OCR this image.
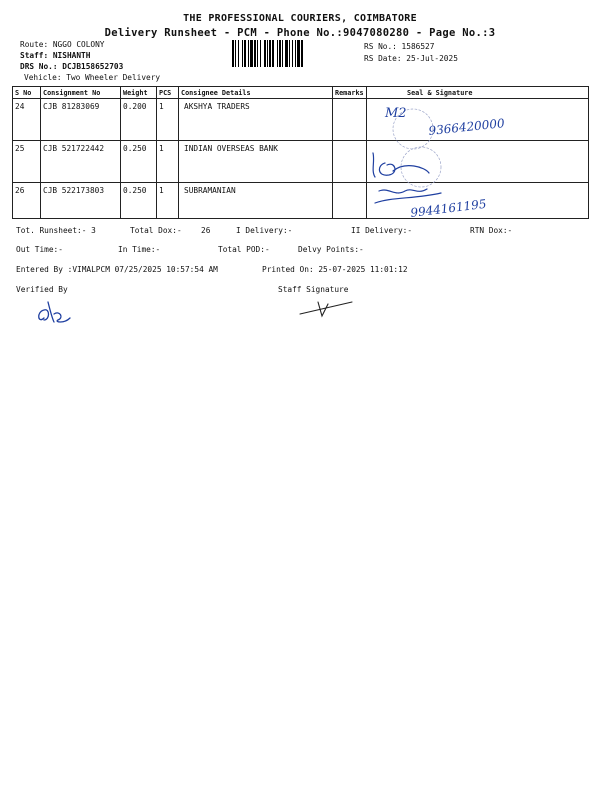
THE PROFESSIONAL COURIERS, COIMBATORE
Delivery Runsheet - PCM - Phone No.:9047080280 - Page No.:3
Route: NGGO COLONY
Staff: NISHANTH
DRS No.: DCJB158652703
Vehicle: Two Wheeler Delivery
RS No.: 1586527
RS Date: 25-Jul-2025
S No	Consignment No	Weight	PCS	Consignee Details	Remarks	Seal & Signature
24	CJB 81283069	0.200	1	AKSHYA TRADERS		
25	CJB 521722442	0.250	1	INDIAN OVERSEAS BANK		
26	CJB 522173803	0.250	1	SUBRAMANIAN		
M2
9366420000
9944161195
Tot. Runsheet:- 3	Total Dox:- 26	I Delivery:-	II Delivery:-	RTN Dox:-
Out Time:-	In Time:-	Total POD:-	Delvy Points:-
Entered By :VIMALPCM 07/25/2025 10:57:54 AM	Printed On: 25-07-2025 11:01:12
Verified By	Staff Signature
